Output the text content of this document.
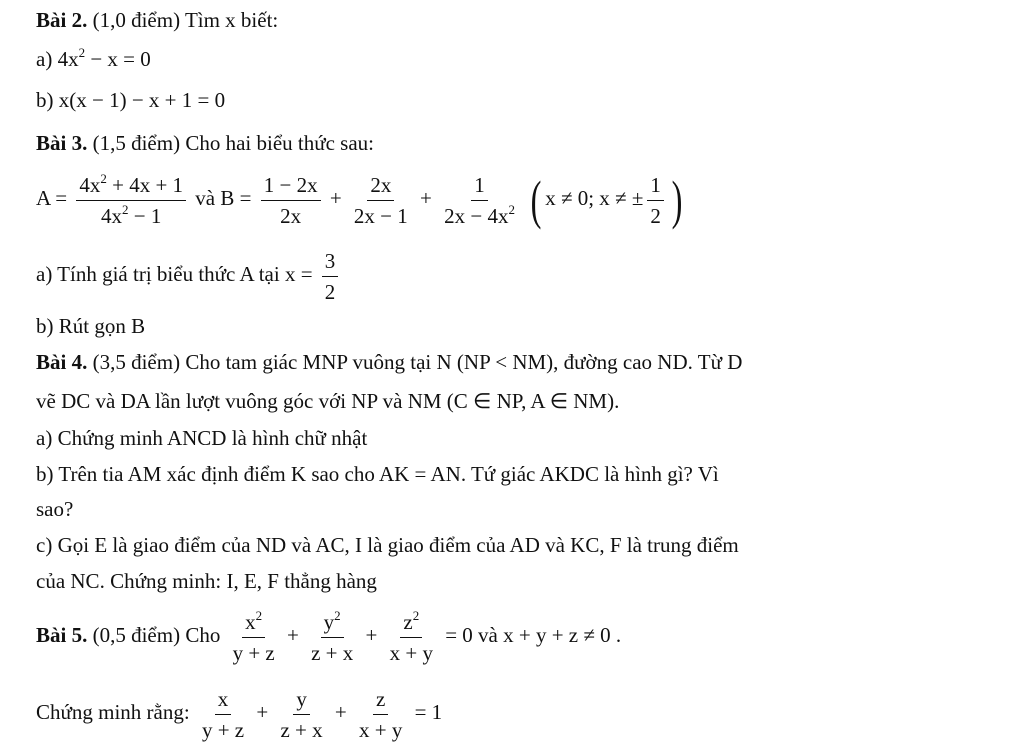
Bài 2. (1,0 điểm) Tìm x biết:
a) $4x^2 - x = 0$
b) x(x − 1) − x + 1 = 0
Bài 3. (1,5 điểm) Cho hai biểu thức sau:
$A = \frac{4x^2 + 4x + 1}{4x^2 - 1}$ và $B = \frac{1 - 2x}{2x} + \frac{2x}{2x - 1} + \frac{1}{2x - 4x^2}$ ( x ≠ 0; x ≠ ± $\frac{1}{2}$ )
a) Tính giá trị biểu thức A tại $x = \frac{3}{2}$
b) Rút gọn B
Bài 4. (3,5 điểm) Cho tam giác MNP vuông tại N (NP < NM), đường cao ND. Từ D
vẽ DC và DA lần lượt vuông góc với NP và NM (C ∈ NP, A ∈ NM).
a) Chứng minh ANCD là hình chữ nhật
b) Trên tia AM xác định điểm K sao cho AK = AN. Tứ giác AKDC là hình gì? Vì
sao?
c) Gọi E là giao điểm của ND và AC, I là giao điểm của AD và KC, F là trung điểm
của NC. Chứng minh: I, E, F thẳng hàng
Bài 5. (0,5 điểm) Cho $\frac{x^2}{y + z} + \frac{y^2}{z + x} + \frac{z^2}{x + y} = 0$ và x + y + z ≠ 0 .
Chứng minh rằng: $\frac{x}{y + z} + \frac{y}{z + x} + \frac{z}{x + y} = 1$
